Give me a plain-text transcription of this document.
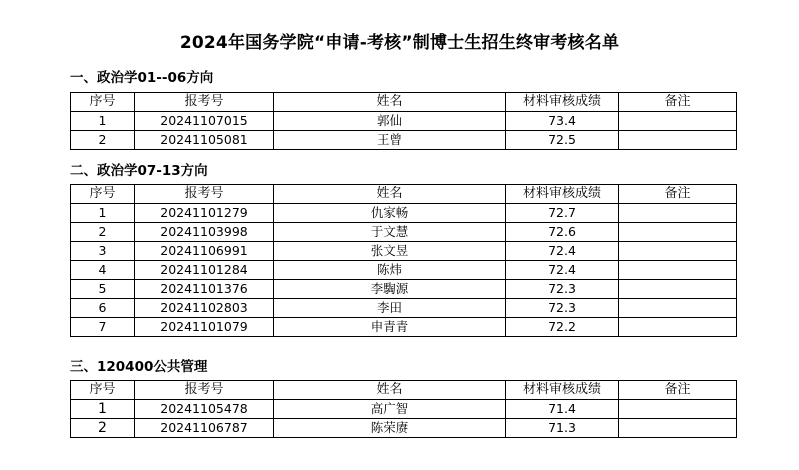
2024年国务学院“申请-考核”制博士生招生终审考核名单
一、政治学01--06方向
序号	报考号	姓名	材料审核成绩	备注
1	20241107015	郭仙	73.4	
2	20241105081	王曾	72.5	
二、政治学07-13方向
序号	报考号	姓名	材料审核成绩	备注
1	20241101279	仇家畅	72.7	
2	20241103998	于文慧	72.6	
3	20241106991	张文昱	72.4	
4	20241101284	陈炜	72.4	
5	20241101376	李騊源	72.3	
6	20241102803	李田	72.3	
7	20241101079	申青青	72.2	
三、120400公共管理
序号	报考号	姓名	材料审核成绩	备注
1	20241105478	高广智	71.4	
2	20241106787	陈荣赓	71.3	
